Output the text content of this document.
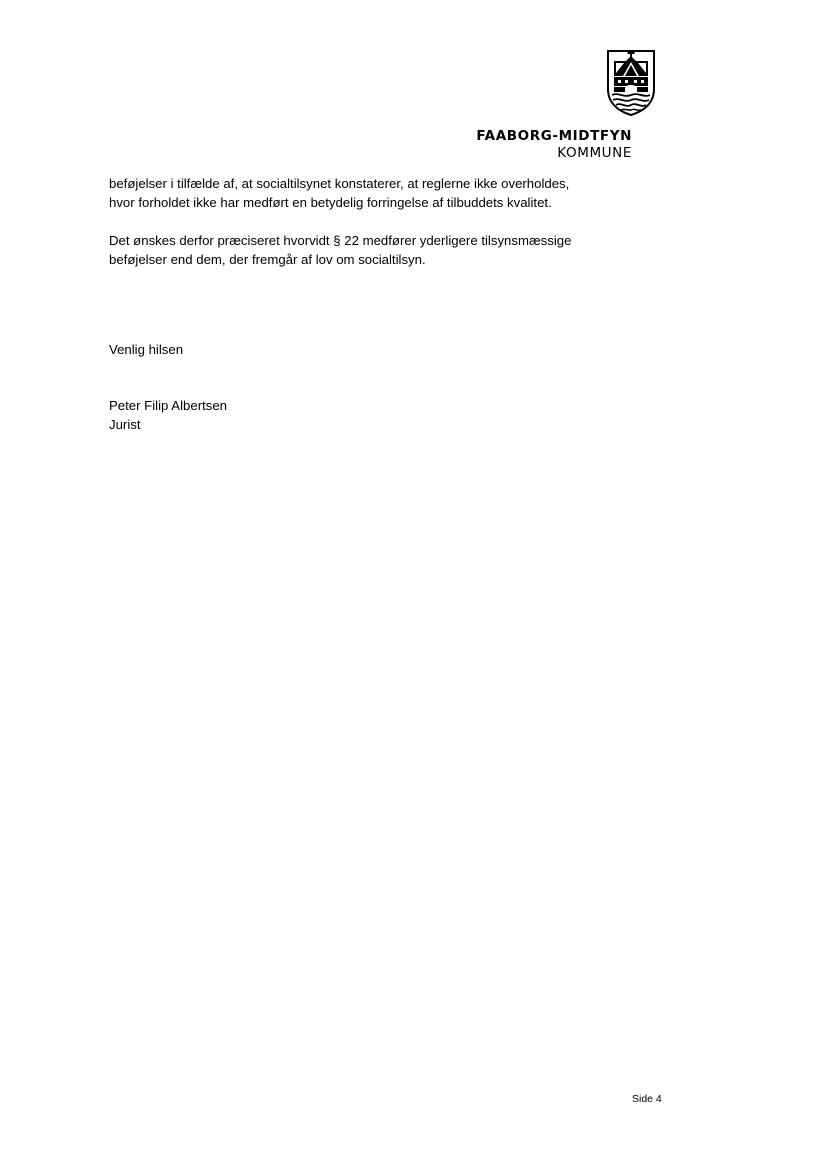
FAABORG-MIDTFYN
KOMMUNE

beføjelser i tilfælde af, at socialtilsynet konstaterer, at reglerne ikke overholdes,
hvor forholdet ikke har medført en betydelig forringelse af tilbuddets kvalitet.

Det ønskes derfor præciseret hvorvidt § 22 medfører yderligere tilsynsmæssige
beføjelser end dem, der fremgår af lov om socialtilsyn.

Venlig hilsen
Peter Filip Albertsen
Jurist
Side 4
